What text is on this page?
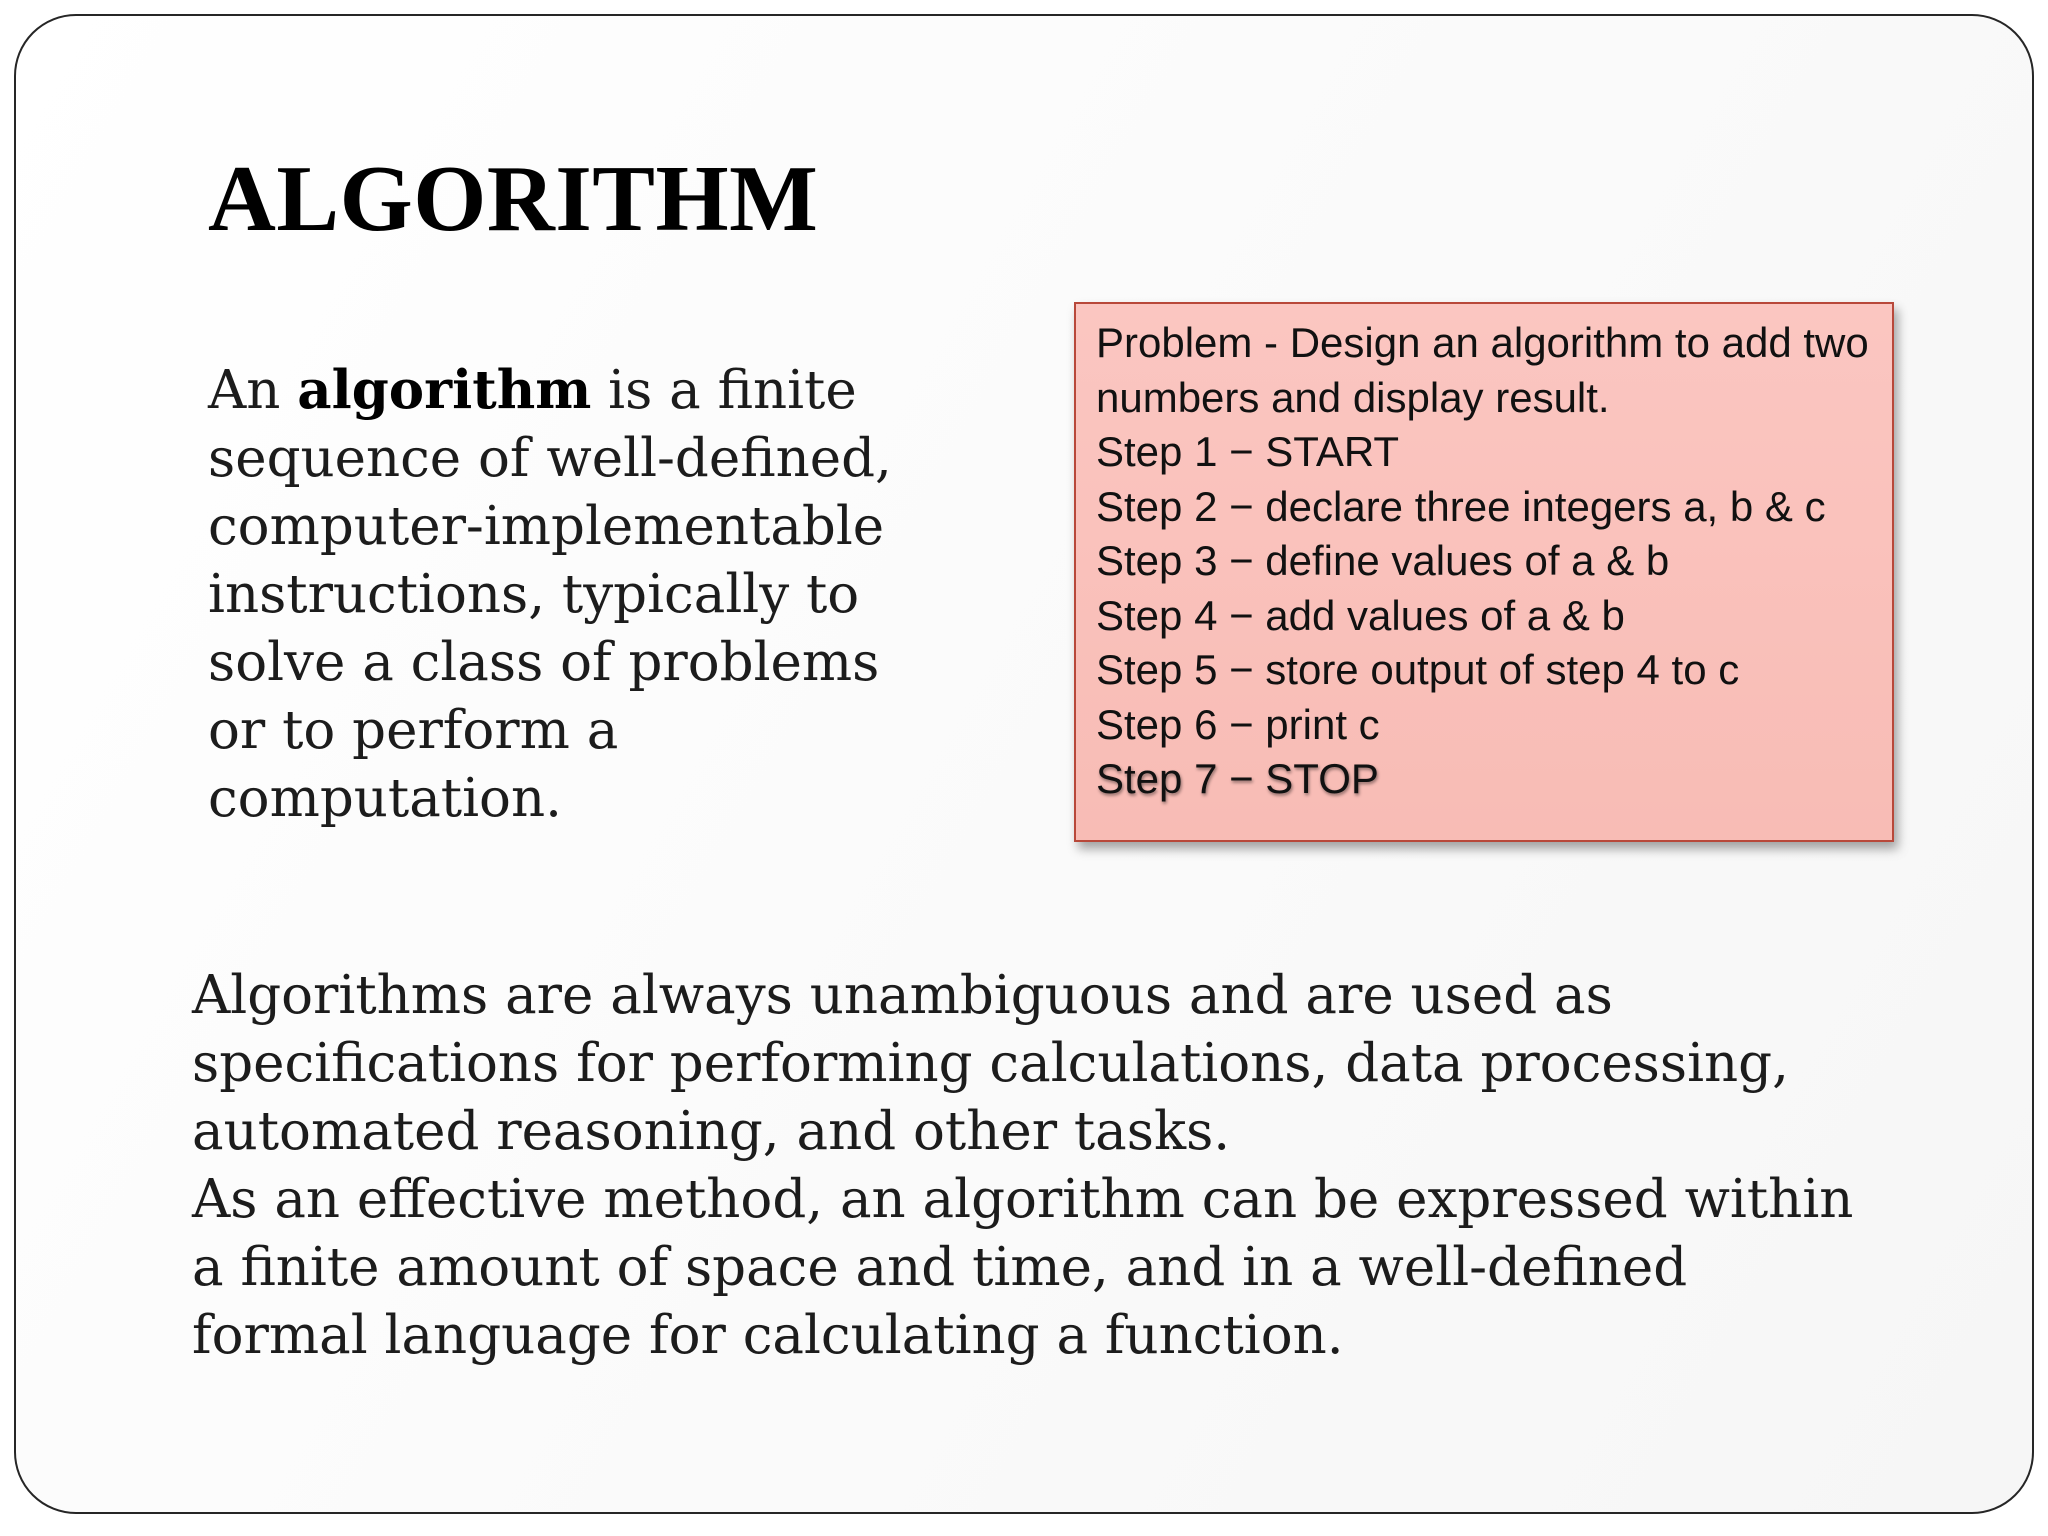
ALGORITHM

An algorithm is a finite sequence of well-defined, computer-implementable instructions, typically to solve a class of problems or to perform a computation.

Problem - Design an algorithm to add two numbers and display result.
Step 1 − START
Step 2 − declare three integers a, b & c
Step 3 − define values of a & b
Step 4 − add values of a & b
Step 5 − store output of step 4 to c
Step 6 − print c
Step 7 − STOP
Algorithms are always unambiguous and are used as specifications for performing calculations, data processing, automated reasoning, and other tasks.
As an effective method, an algorithm can be expressed within a finite amount of space and time, and in a well-defined formal language for calculating a function.
